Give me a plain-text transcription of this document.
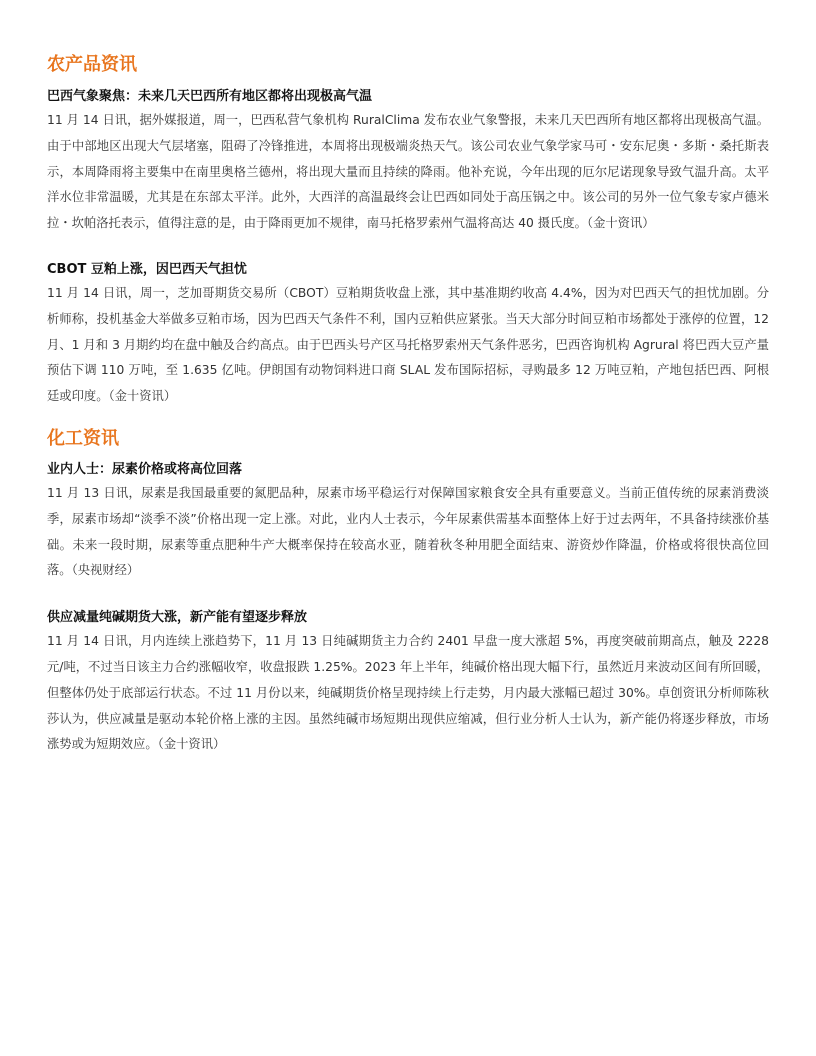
农产品资讯
巴西气象聚焦：未来几天巴西所有地区都将出现极高气温

11 月 14 日讯，据外媒报道，周一，巴西私营气象机构 RuralClima 发布农业气象警报，未来几天巴西所有地区都将出现极高气温。由于中部地区出现大气层堵塞，阻碍了冷锋推进，本周将出现极端炎热天气。该公司农业气象学家马可・安东尼奥・多斯・桑托斯表示，本周降雨将主要集中在南里奥格兰德州，将出现大量而且持续的降雨。他补充说，今年出现的厄尔尼诺现象导致气温升高。太平洋水位非常温暖，尤其是在东部太平洋。此外，大西洋的高温最终会让巴西如同处于高压锅之中。该公司的另外一位气象专家卢德米拉・坎帕洛托表示，值得注意的是，由于降雨更加不规律，南马托格罗索州气温将高达 40 摄氏度。（金十资讯）

CBOT 豆粕上涨，因巴西天气担忧

11 月 14 日讯，周一，芝加哥期货交易所（CBOT）豆粕期货收盘上涨，其中基准期约收高 4.4%，因为对巴西天气的担忧加剧。分析师称，投机基金大举做多豆粕市场，因为巴西天气条件不利，国内豆粕供应紧张。当天大部分时间豆粕市场都处于涨停的位置，12 月、1 月和 3 月期约均在盘中触及合约高点。由于巴西头号产区马托格罗索州天气条件恶劣，巴西咨询机构 Agrural 将巴西大豆产量预估下调 110 万吨，至 1.635 亿吨。伊朗国有动物饲料进口商 SLAL 发布国际招标，寻购最多 12 万吨豆粕，产地包括巴西、阿根廷或印度。（金十资讯）

化工资讯
业内人士：尿素价格或将高位回落

11 月 13 日讯，尿素是我国最重要的氮肥品种，尿素市场平稳运行对保障国家粮食安全具有重要意义。当前正值传统的尿素消费淡季，尿素市场却“淡季不淡”价格出现一定上涨。对此，业内人士表示，今年尿素供需基本面整体上好于过去两年，不具备持续涨价基础。未来一段时期，尿素等重点肥种牛产大概率保持在较高水亚，随着秋冬种用肥全面结束、游资炒作降温，价格或将很快高位回落。（央视财经）

供应减量纯碱期货大涨，新产能有望逐步释放

11 月 14 日讯，月内连续上涨趋势下，11 月 13 日纯碱期货主力合约 2401 早盘一度大涨超 5%，再度突破前期高点，触及 2228 元/吨，不过当日该主力合约涨幅收窄，收盘报跌 1.25%。2023 年上半年，纯碱价格出现大幅下行，虽然近月来波动区间有所回暖，但整体仍处于底部运行状态。不过 11 月份以来，纯碱期货价格呈现持续上行走势，月内最大涨幅已超过 30%。卓创资讯分析师陈秋莎认为，供应减量是驱动本轮价格上涨的主因。虽然纯碱市场短期出现供应缩减，但行业分析人士认为，新产能仍将逐步释放，市场涨势或为短期效应。（金十资讯）
